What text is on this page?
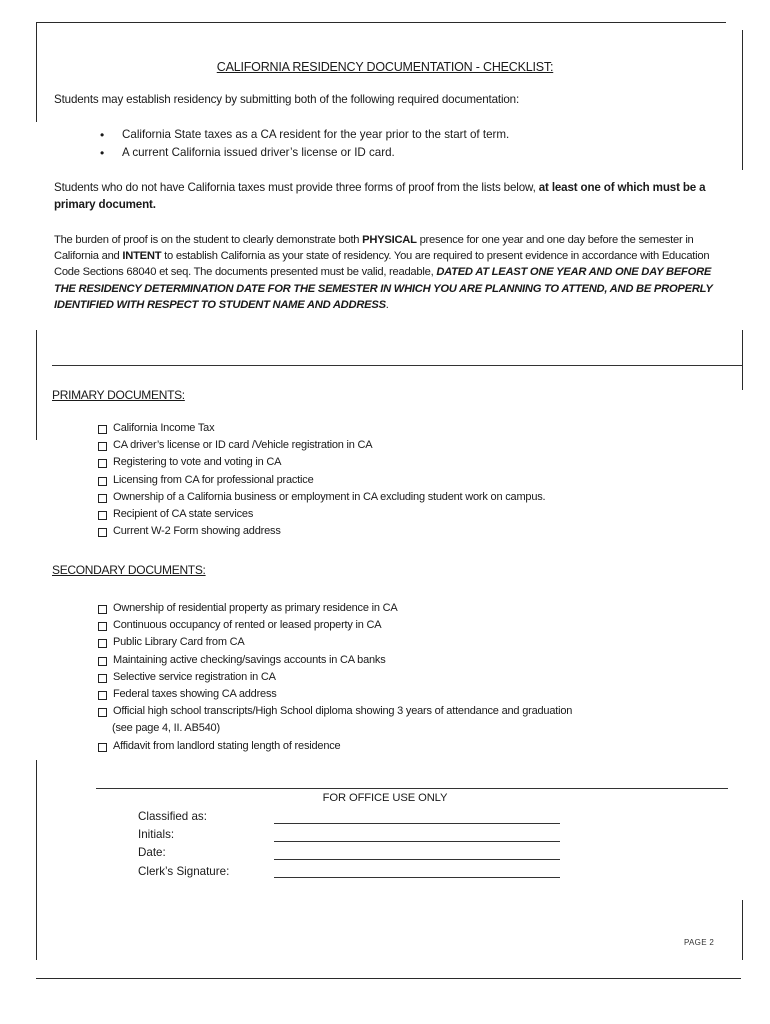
CALIFORNIA RESIDENCY DOCUMENTATION - CHECKLIST:
Students may establish residency by submitting both of the following required documentation:
• California State taxes as a CA resident for the year prior to the start of term.
• A current California issued driver’s license or ID card.
Students who do not have California taxes must provide three forms of proof from the lists below, at least one of which must be a primary document.
The burden of proof is on the student to clearly demonstrate both PHYSICAL presence for one year and one day before the semester in California and INTENT to establish California as your state of residency. You are required to present evidence in accordance with Education Code Sections 68040 et seq. The documents presented must be valid, readable, DATED AT LEAST ONE YEAR AND ONE DAY BEFORE THE RESIDENCY DETERMINATION DATE FOR THE SEMESTER IN WHICH YOU ARE PLANNING TO ATTEND, AND BE PROPERLY IDENTIFIED WITH RESPECT TO STUDENT NAME AND ADDRESS.
PRIMARY DOCUMENTS:
California Income Tax
CA driver’s license or ID card /Vehicle registration in CA
Registering to vote and voting in CA
Licensing from CA for professional practice
Ownership of a California business or employment in CA excluding student work on campus.
Recipient of CA state services
Current W-2 Form showing address
SECONDARY DOCUMENTS:
Ownership of residential property as primary residence in CA
Continuous occupancy of rented or leased property in CA
Public Library Card from CA
Maintaining active checking/savings accounts in CA banks
Selective service registration in CA
Federal taxes showing CA address
Official high school transcripts/High School diploma showing 3 years of attendance and graduation
(see page 4, II. AB540)
Affidavit from landlord stating length of residence
FOR OFFICE USE ONLY
Classified as:
Initials:
Date:
Clerk’s Signature:
PAGE 2
